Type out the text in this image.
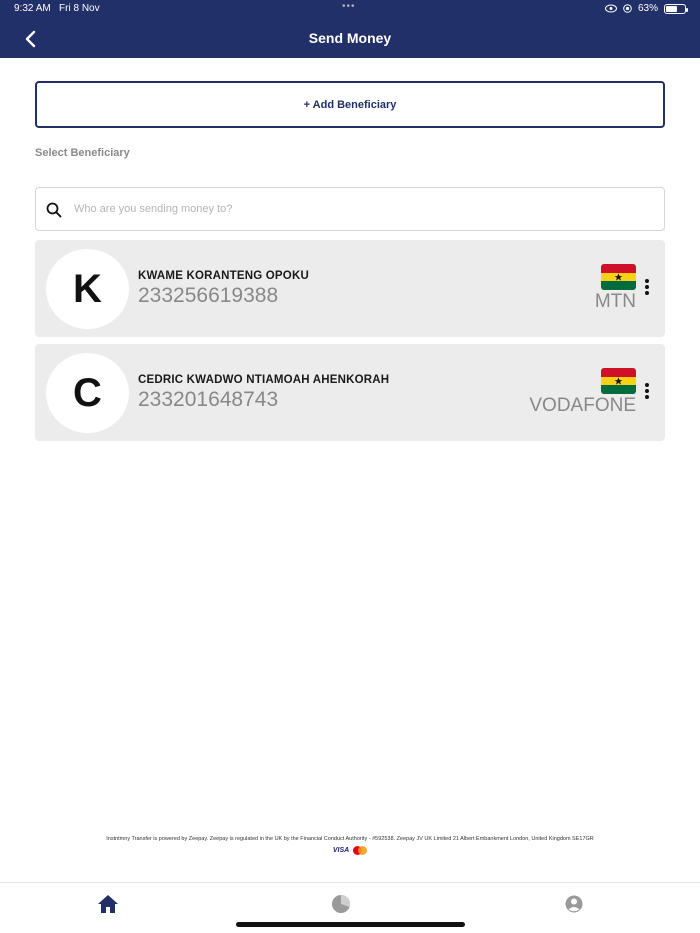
9:32 AM Fri 8 Nov	•••	63%
Send Money
+ Add Beneficiary
Select Beneficiary
Who are you sending money to?
K	KWAME KORANTENG OPOKU
233256619388	MTN
C	CEDRIC KWADWO NTIAMOAH AHENKORAH
233201648743	VODAFONE
Instntmny Transfer is powered by Zeepay. Zeepay is regulated in the UK by the Financial Conduct Authority - #592538. Zeepay JV UK Limited 21 Albert Embankment London, United Kingdom SE17GR
VISA
